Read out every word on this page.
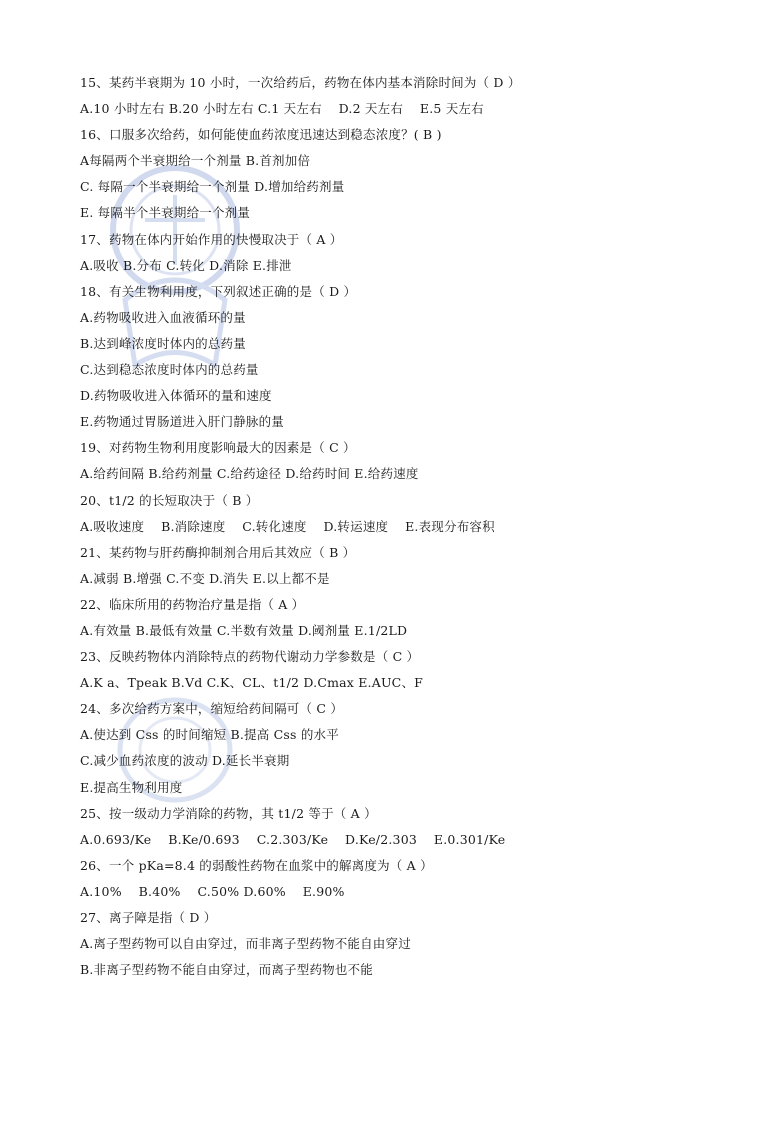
15、某药半衰期为 10 小时，一次给药后，药物在体内基本消除时间为（ D ）
A.10 小时左右 B.20 小时左右 C.1 天左右　 D.2 天左右　 E.5 天左右
16、口服多次给药，如何能使血药浓度迅速达到稳态浓度？( B )
A每隔两个半衰期给一个剂量 B.首剂加倍
C. 每隔一个半衰期给一个剂量 D.增加给药剂量
E. 每隔半个半衰期给一个剂量
17、药物在体内开始作用的快慢取决于（ A ）
A.吸收 B.分布 C.转化 D.消除 E.排泄
18、有关生物利用度，下列叙述正确的是（ D ）
A.药物吸收进入血液循环的量
B.达到峰浓度时体内的总药量
C.达到稳态浓度时体内的总药量
D.药物吸收进入体循环的量和速度
E.药物通过胃肠道进入肝门静脉的量
19、对药物生物利用度影响最大的因素是（ C ）
A.给药间隔 B.给药剂量 C.给药途径 D.给药时间 E.给药速度
20、t1/2 的长短取决于（ B ）
A.吸收速度　 B.消除速度　 C.转化速度　 D.转运速度　 E.表现分布容积
21、某药物与肝药酶抑制剂合用后其效应（ B ）
A.减弱 B.增强 C.不变 D.消失 E.以上都不是
22、临床所用的药物治疗量是指（ A ）
A.有效量 B.最低有效量 C.半数有效量 D.阈剂量 E.1/2LD
23、反映药物体内消除特点的药物代谢动力学参数是（ C ）
A.K a、Tpeak B.Vd C.K、CL、t1/2 D.Cmax E.AUC、F
24、多次给药方案中，缩短给药间隔可（ C ）
A.使达到 Css 的时间缩短 B.提高 Css 的水平
C.减少血药浓度的波动 D.延长半衰期
E.提高生物利用度
25、按一级动力学消除的药物，其 t1/2 等于（ A ）
A.0.693/Ke　 B.Ke/0.693　 C.2.303/Ke　 D.Ke/2.303　 E.0.301/Ke
26、一个 pKa=8.4 的弱酸性药物在血浆中的解离度为（ A ）
A.10%　 B.40%　 C.50% D.60%　 E.90%
27、离子障是指（ D ）
A.离子型药物可以自由穿过，而非离子型药物不能自由穿过
B.非离子型药物不能自由穿过，而离子型药物也不能
